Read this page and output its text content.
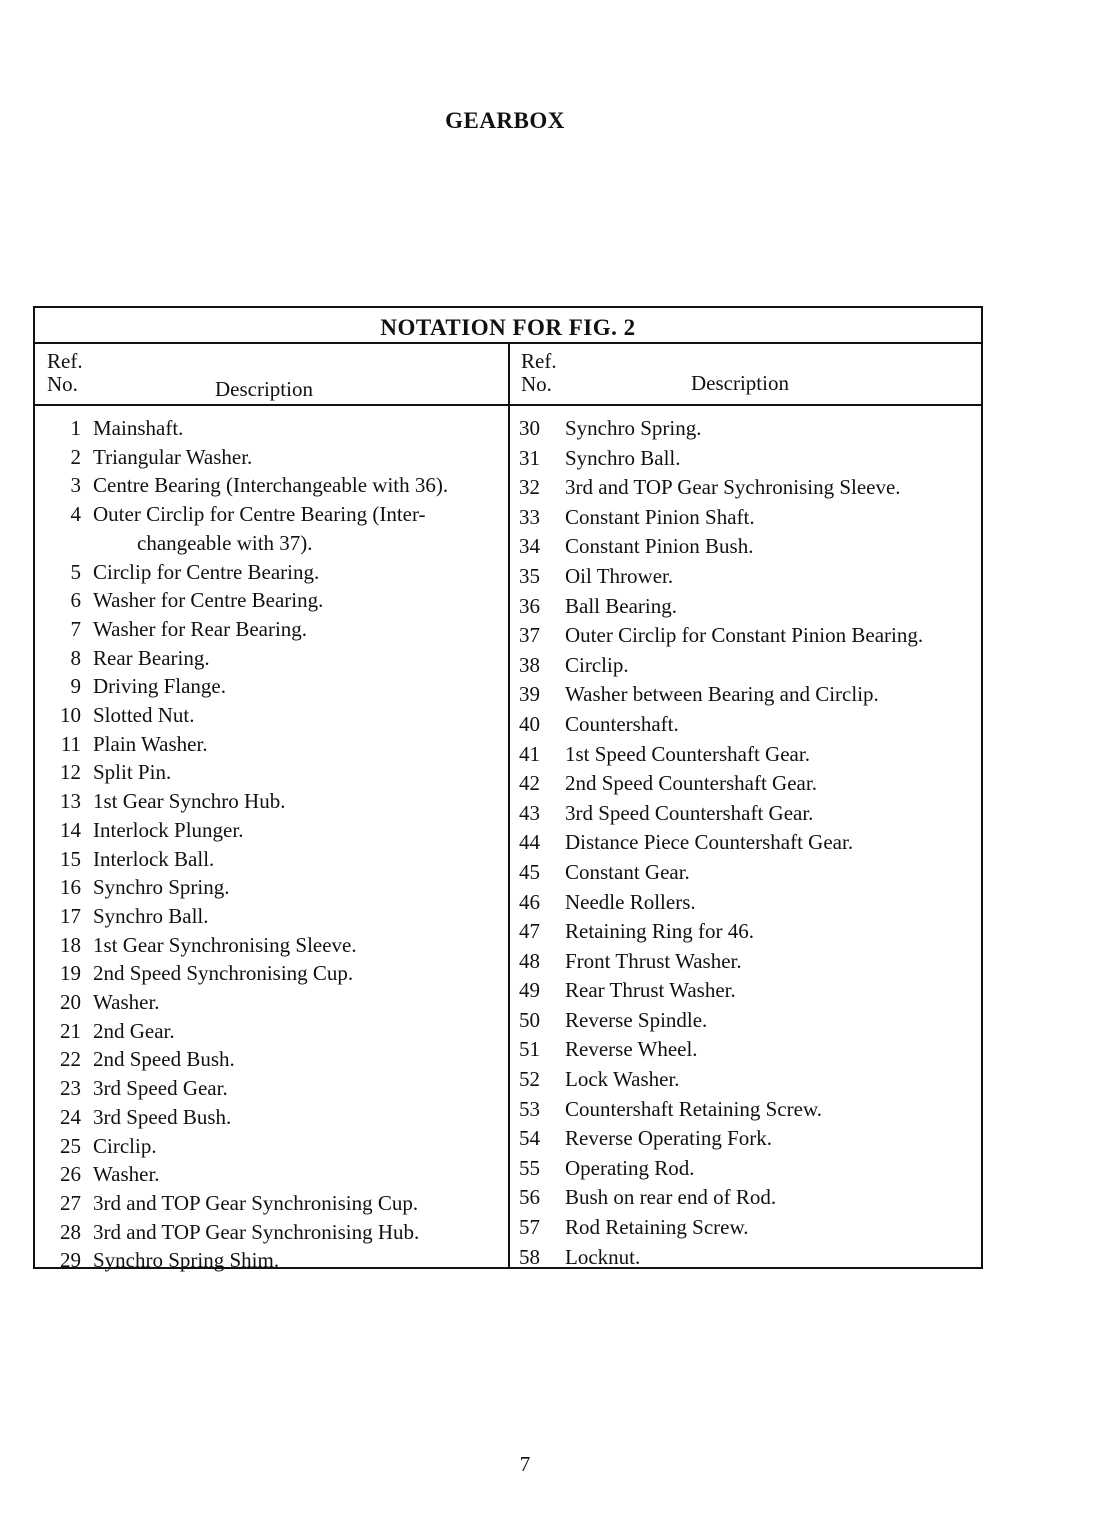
GEARBOX
NOTATION FOR FIG. 2
Ref.
No.	Description
Ref.
No.	Description
1 Mainshaft.
2 Triangular Washer.
3 Centre Bearing (Interchangeable with 36).
4 Outer Circlip for Centre Bearing (Inter-
changeable with 37).
5 Circlip for Centre Bearing.
6 Washer for Centre Bearing.
7 Washer for Rear Bearing.
8 Rear Bearing.
9 Driving Flange.
10 Slotted Nut.
11 Plain Washer.
12 Split Pin.
13 1st Gear Synchro Hub.
14 Interlock Plunger.
15 Interlock Ball.
16 Synchro Spring.
17 Synchro Ball.
18 1st Gear Synchronising Sleeve.
19 2nd Speed Synchronising Cup.
20 Washer.
21 2nd Gear.
22 2nd Speed Bush.
23 3rd Speed Gear.
24 3rd Speed Bush.
25 Circlip.
26 Washer.
27 3rd and TOP Gear Synchronising Cup.
28 3rd and TOP Gear Synchronising Hub.
29 Synchro Spring Shim.
30 Synchro Spring.
31 Synchro Ball.
32 3rd and TOP Gear Sychronising Sleeve.
33 Constant Pinion Shaft.
34 Constant Pinion Bush.
35 Oil Thrower.
36 Ball Bearing.
37 Outer Circlip for Constant Pinion Bearing.
38 Circlip.
39 Washer between Bearing and Circlip.
40 Countershaft.
41 1st Speed Countershaft Gear.
42 2nd Speed Countershaft Gear.
43 3rd Speed Countershaft Gear.
44 Distance Piece Countershaft Gear.
45 Constant Gear.
46 Needle Rollers.
47 Retaining Ring for 46.
48 Front Thrust Washer.
49 Rear Thrust Washer.
50 Reverse Spindle.
51 Reverse Wheel.
52 Lock Washer.
53 Countershaft Retaining Screw.
54 Reverse Operating Fork.
55 Operating Rod.
56 Bush on rear end of Rod.
57 Rod Retaining Screw.
58 Locknut.
7
